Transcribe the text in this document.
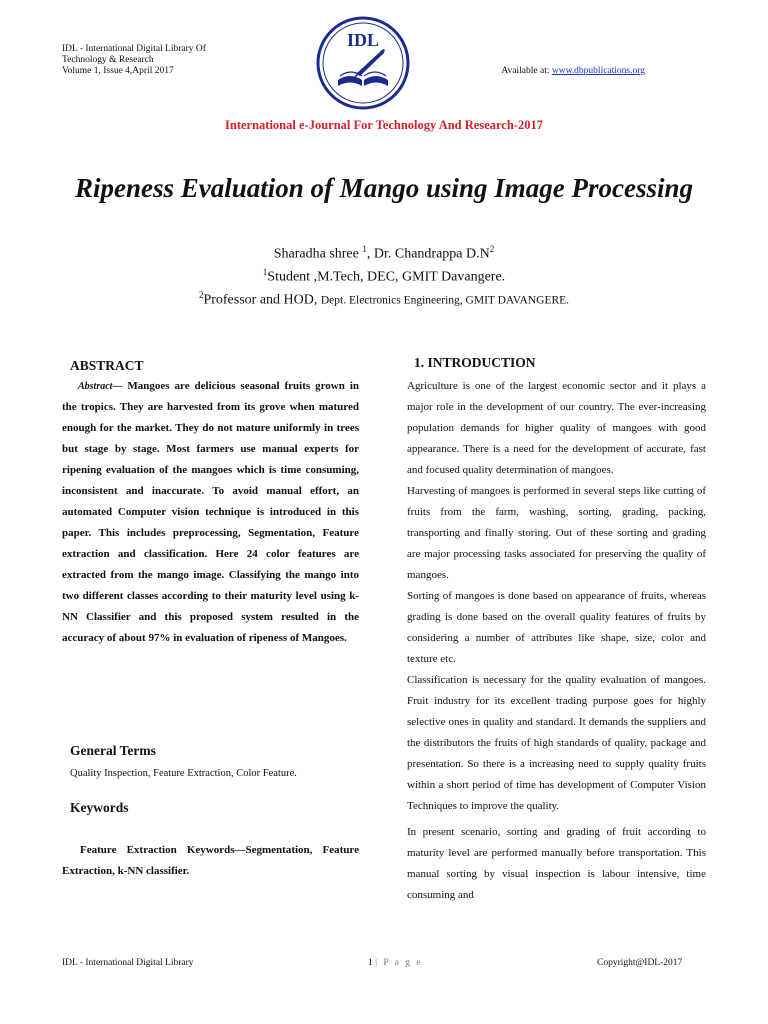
IDL - International Digital Library Of
Technology & Research
Volume 1, Issue 4,April 2017
IDL
Available at: www.dbpublications.org
International e-Journal For Technology And Research-2017
Ripeness Evaluation of Mango using Image Processing
Sharadha shree $^1$, Dr. Chandrappa $D.N^2$
$^1$Student ,M.Tech, DEC, GMIT Davangere.
$^2$Professor and HOD, Dept. Electronics Engineering, GMIT DAVANGERE.
ABSTRACT
Abstract— Mangoes are delicious seasonal fruits grown in the tropics. They are harvested from its grove when matured enough for the market. They do not mature uniformly in trees but stage by stage. Most farmers use manual experts for ripening evaluation of the mangoes which is time consuming, inconsistent and inaccurate. To avoid manual effort, an automated Computer vision technique is introduced in this paper. This includes preprocessing, Segmentation, Feature extraction and classification. Here 24 color features are extracted from the mango image. Classifying the mango into two different classes according to their maturity level using k-NN Classifier and this proposed system resulted in the accuracy of about 97% in evaluation of ripeness of Mangoes.
General Terms
Quality Inspection, Feature Extraction, Color Feature.
Keywords
Feature Extraction Keywords—Segmentation, Feature Extraction, k-NN classifier.
1. INTRODUCTION

Agriculture is one of the largest economic sector and it plays a major role in the development of our country. The ever-increasing population demands for higher quality of mangoes with good appearance. There is a need for the development of accurate, fast and focused quality determination of mangoes.

Harvesting of mangoes is performed in several steps like cutting of fruits from the farm, washing, sorting, grading, packing, transporting and finally storing. Out of these sorting and grading are major processing tasks associated for preserving the quality of mangoes.

Sorting of mangoes is done based on appearance of fruits, whereas grading is done based on the overall quality features of fruits by considering a number of attributes like shape, size, color and texture etc.

Classification is necessary for the quality evaluation of mangoes. Fruit industry for its excellent trading purpose goes for highly selective ones in quality and standard. It demands the suppliers and the distributors the fruits of high standards of quality, package and presentation. So there is a increasing need to supply quality fruits within a short period of time has development of Computer Vision Techniques to improve the quality.

In present scenario, sorting and grading of fruit according to maturity level are performed manually before transportation. This manual sorting by visual inspection is labour intensive, time consuming and

IDL - International Digital Library	1 | P a g e	Copyright@IDL-2017
